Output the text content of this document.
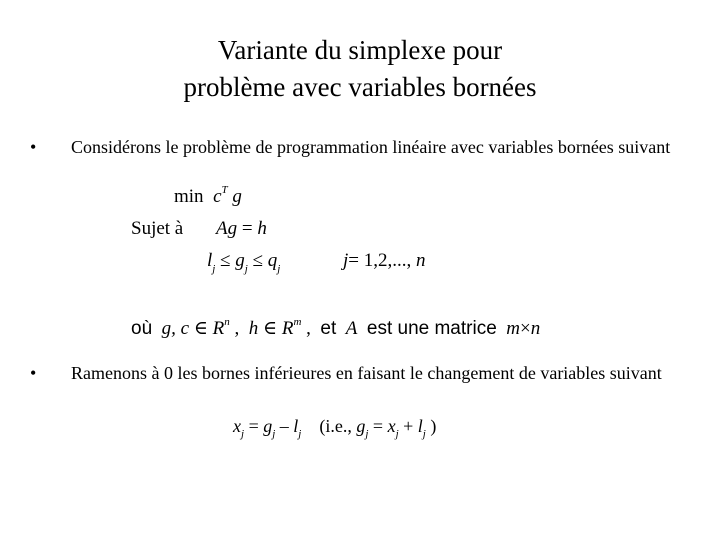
Variante du simplexe pour
problème avec variables bornées
• Considérons le problème de programmation linéaire avec variables bornées suivant
$\min c^T$ g
Sujet à Ag = h
$l_j \le g_j \le q_j$	j= 1,2,..., n
où g, c ∈ $R^n$ , h ∈ $R^m$ , et A est une matrice m×n
• Ramenons à 0 les bornes inférieures en faisant le changement de variables suivant
$x_j = g_j - l_j$ (i.e., $g_j = x_j + l_j$ )
